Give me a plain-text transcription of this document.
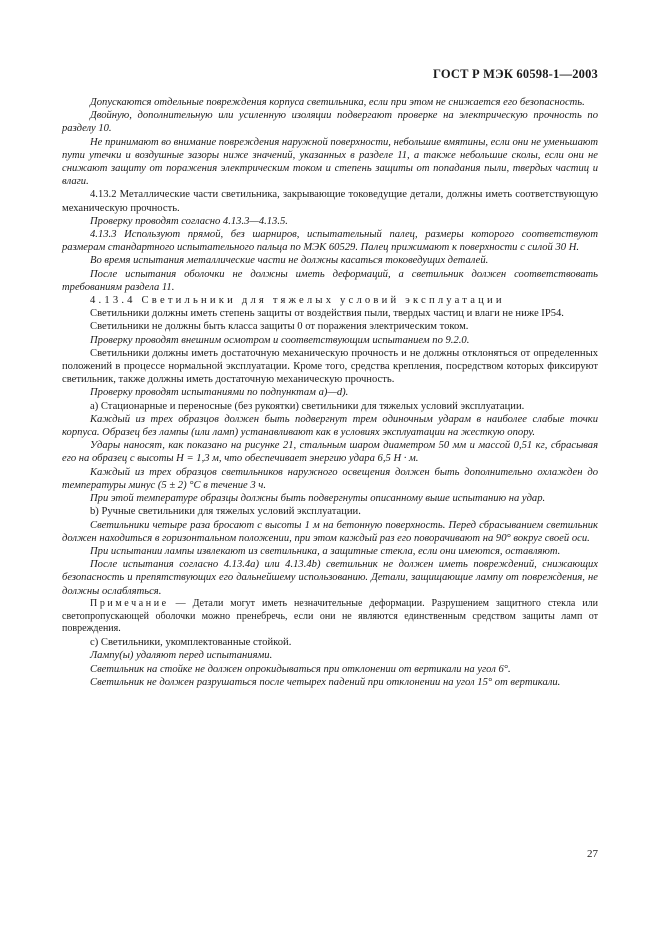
ГОСТ Р МЭК 60598-1—2003

Допускаются отдельные повреждения корпуса светильника, если при этом не снижается его безопасность.

Двойную, дополнительную или усиленную изоляции подвергают проверке на электрическую прочность по разделу 10.

Не принимают во внимание повреждения наружной поверхности, небольшие вмятины, если они не уменьшают пути утечки и воздушные зазоры ниже значений, указанных в разделе 11, а также небольшие сколы, если они не снижают защиту от поражения электрическим током и степень защиты от попадания пыли, твердых частиц и влаги.

4.13.2 Металлические части светильника, закрывающие токоведущие детали, должны иметь соответствующую механическую прочность.

Проверку проводят согласно 4.13.3—4.13.5.

4.13.3 Используют прямой, без шарниров, испытательный палец, размеры которого соответствуют размерам стандартного испытательного пальца по МЭК 60529. Палец прижимают к поверхности с силой 30 Н.

Во время испытания металлические части не должны касаться токоведущих деталей.

После испытания оболочки не должны иметь деформаций, а светильник должен соответствовать требованиям раздела 11.

4.13.4 Светильники для тяжелых условий эксплуатации

Светильники должны иметь степень защиты от воздействия пыли, твердых частиц и влаги не ниже IP54.

Светильники не должны быть класса защиты 0 от поражения электрическим током.

Проверку проводят внешним осмотром и соответствующим испытанием по 9.2.0.

Светильники должны иметь достаточную механическую прочность и не должны отклоняться от определенных положений в процессе нормальной эксплуатации. Кроме того, средства крепления, посредством которых фиксируют светильник, также должны иметь достаточную механическую прочность.

Проверку проводят испытаниями по подпунктам а)—d).

а) Стационарные и переносные (без рукоятки) светильники для тяжелых условий эксплуатации.

Каждый из трех образцов должен быть подвергнут трем одиночным ударам в наиболее слабые точки корпуса. Образец без лампы (или ламп) устанавливают как в условиях эксплуатации на жесткую опору.

Удары наносят, как показано на рисунке 21, стальным шаром диаметром 50 мм и массой 0,51 кг, сбрасывая его на образец с высоты Н = 1,3 м, что обеспечивает энергию удара 6,5 Н · м.

Каждый из трех образцов светильников наружного освещения должен быть дополнительно охлажден до температуры минус (5 ± 2) °С в течение 3 ч.

При этой температуре образцы должны быть подвергнуты описанному выше испытанию на удар.

b) Ручные светильники для тяжелых условий эксплуатации.

Светильники четыре раза бросают с высоты 1 м на бетонную поверхность. Перед сбрасыванием светильник должен находиться в горизонтальном положении, при этом каждый раз его поворачивают на 90° вокруг своей оси.

При испытании лампы извлекают из светильника, а защитные стекла, если они имеются, оставляют.

После испытания согласно 4.13.4а) или 4.13.4b) светильник не должен иметь повреждений, снижающих безопасность и препятствующих его дальнейшему использованию. Детали, защищающие лампу от повреждения, не должны ослабляться.

Примечание — Детали могут иметь незначительные деформации. Разрушением защитного стекла или светопропускающей оболочки можно пренебречь, если они не являются единственным средством защиты ламп от повреждения.

с) Светильники, укомплектованные стойкой.

Лампу(ы) удаляют перед испытаниями.

Светильник на стойке не должен опрокидываться при отклонении от вертикали на угол 6°.

Светильник не должен разрушаться после четырех падений при отклонении на угол 15° от вертикали.

27
